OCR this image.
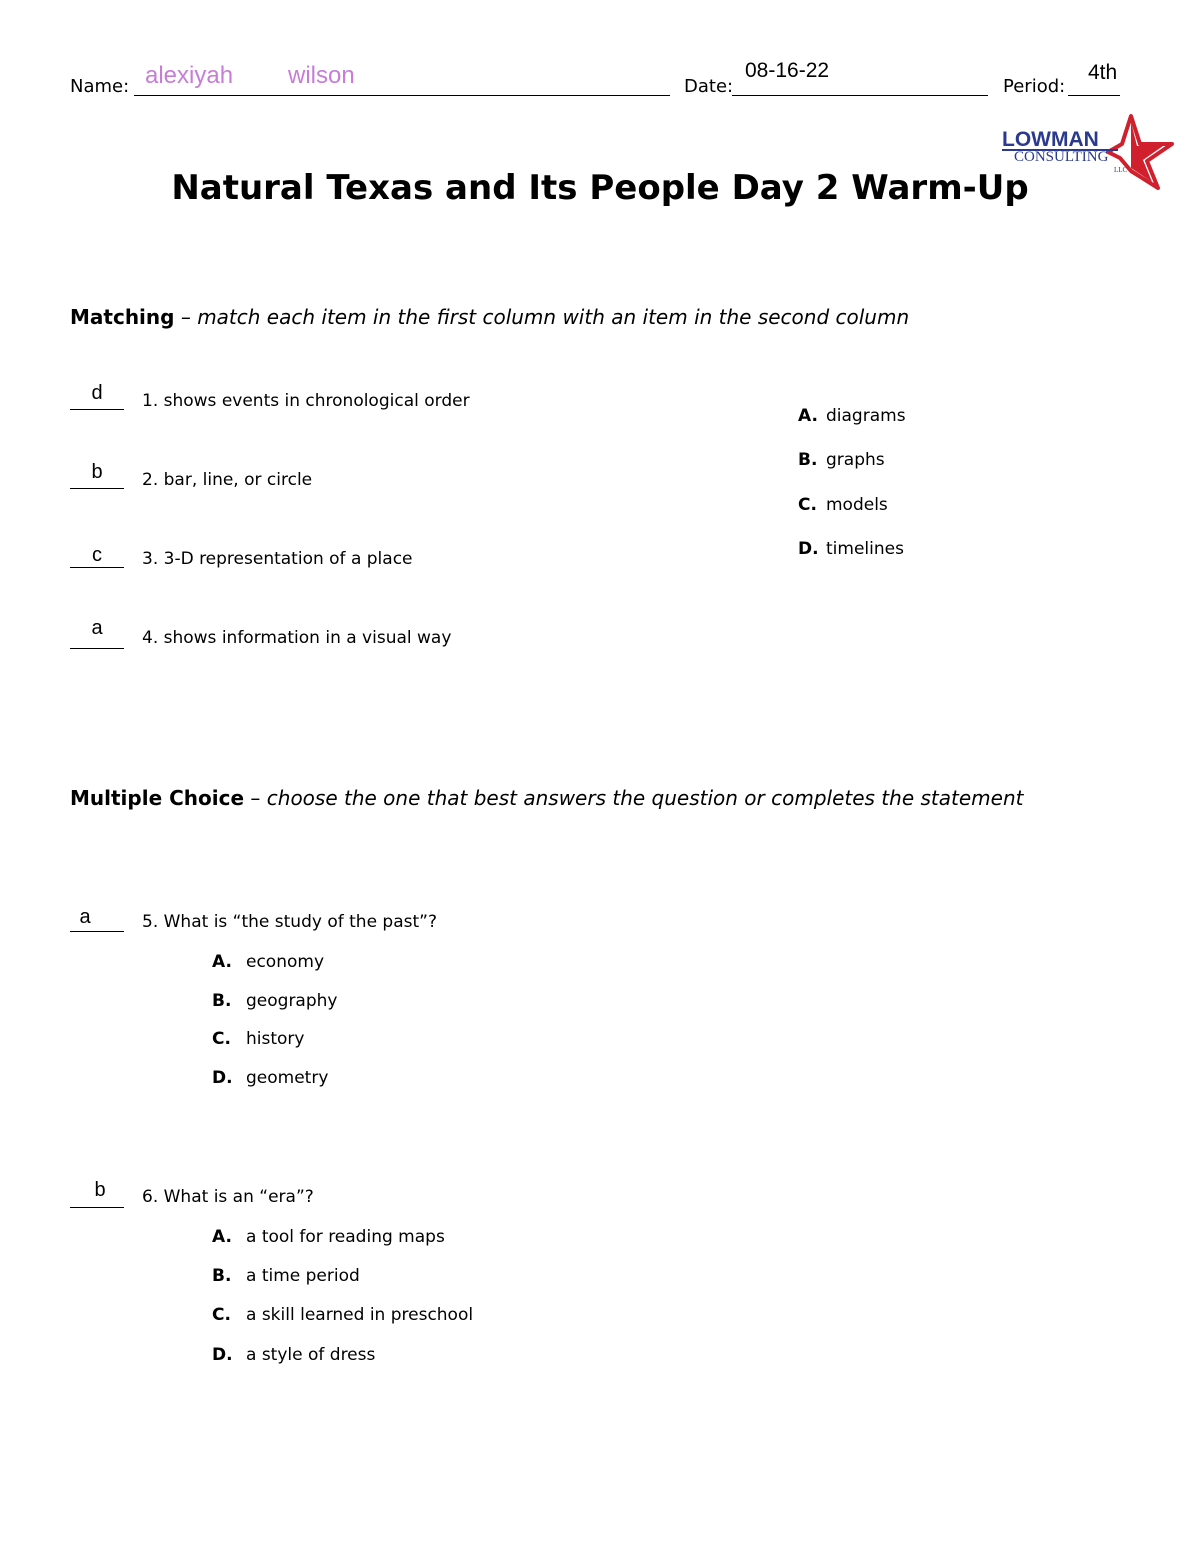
Name: alexiyah wilson	Date:
08-16-22
Period:
4th
LOWMAN
CONSULTING
LLC
Natural Texas and Its People Day 2 Warm-Up
Matching – match each item in the first column with an item in the second column
d	1. shows events in chronological order
b	2. bar, line, or circle
c	3. 3-D representation of a place
a	4. shows information in a visual way
A. diagrams
B. graphs
C. models
D. timelines
Multiple Choice – choose the one that best answers the question or completes the statement
a	5. What is “the study of the past”?
A. economy
B. geography
C. history
D. geometry
b	6. What is an “era”?
A. a tool for reading maps
B. a time period
C. a skill learned in preschool
D. a style of dress
